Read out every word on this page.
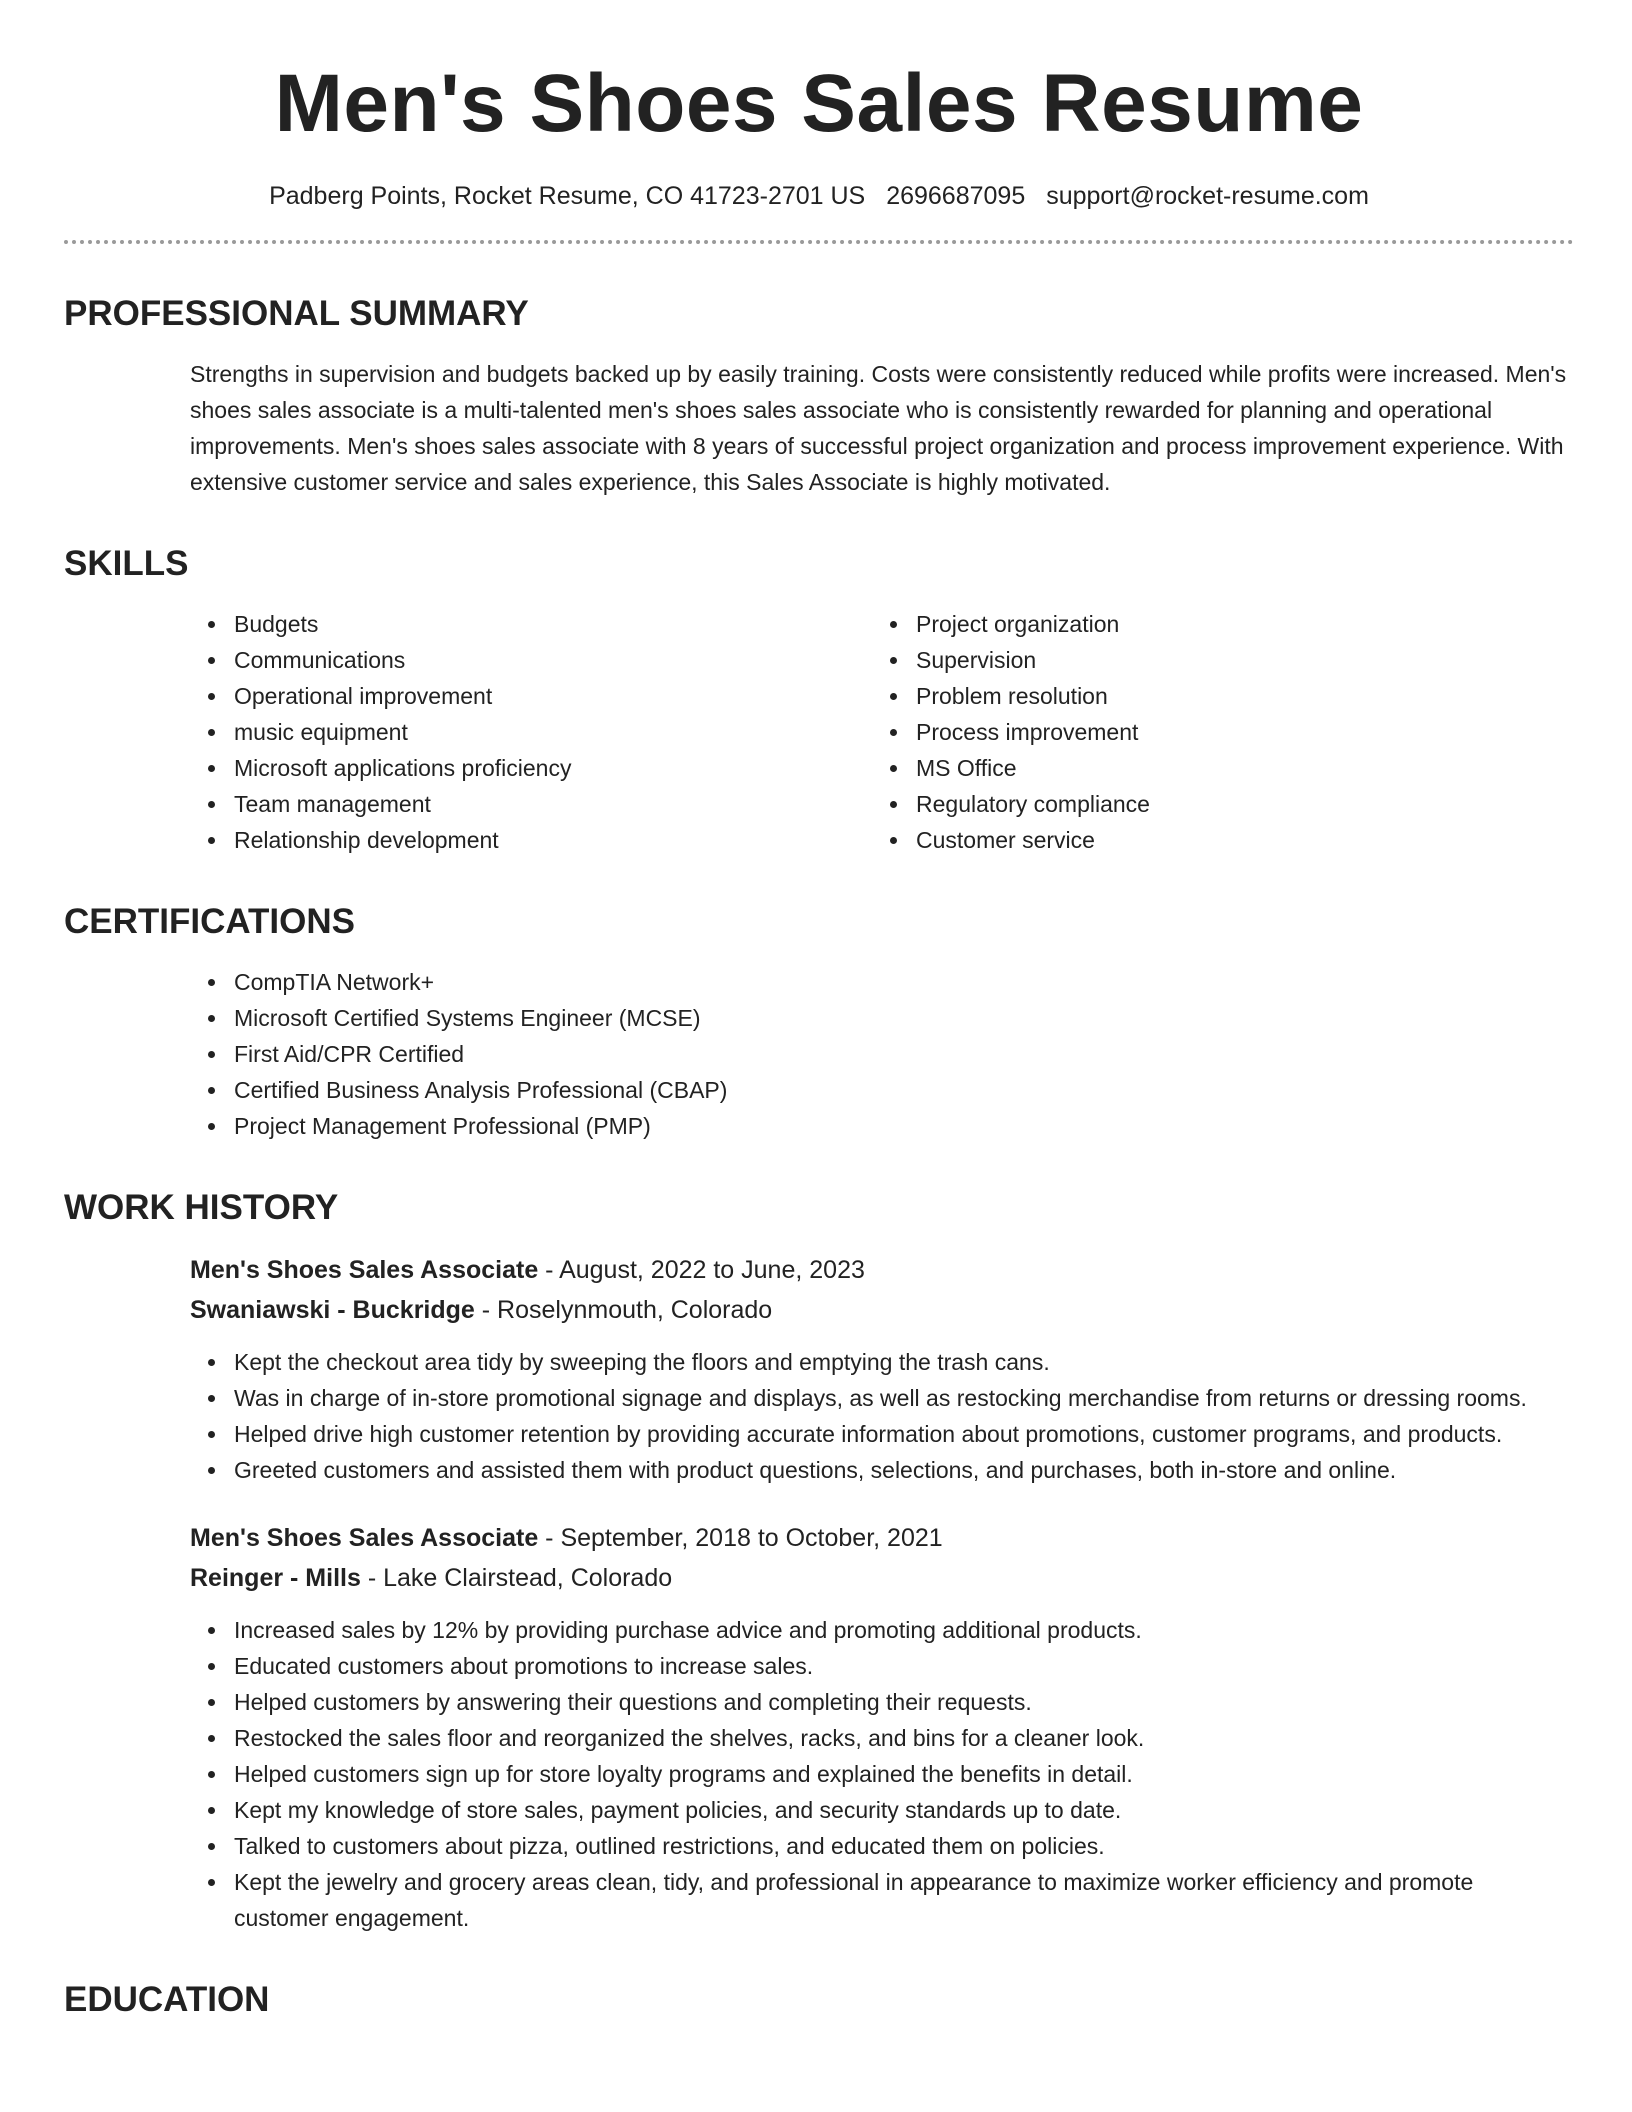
Men's Shoes Sales Resume
Padberg Points, Rocket Resume, CO 41723-2701 US 2696687095 support@rocket-resume.com
PROFESSIONAL SUMMARY

Strengths in supervision and budgets backed up by easily training. Costs were consistently reduced while profits were increased. Men's shoes sales associate is a multi-talented men's shoes sales associate who is consistently rewarded for planning and operational improvements. Men's shoes sales associate with 8 years of successful project organization and process improvement experience. With extensive customer service and sales experience, this Sales Associate is highly motivated.

SKILLS
Budgets
Communications
Operational improvement
music equipment
Microsoft applications proficiency
Team management
Relationship development
Project organization
Supervision
Problem resolution
Process improvement
MS Office
Regulatory compliance
Customer service
CERTIFICATIONS
CompTIA Network+
Microsoft Certified Systems Engineer (MCSE)
First Aid/CPR Certified
Certified Business Analysis Professional (CBAP)
Project Management Professional (PMP)
WORK HISTORY
Men's Shoes Sales Associate - August, 2022 to June, 2023
Swaniawski - Buckridge - Roselynmouth, Colorado
Kept the checkout area tidy by sweeping the floors and emptying the trash cans.
Was in charge of in-store promotional signage and displays, as well as restocking merchandise from returns or dressing rooms.
Helped drive high customer retention by providing accurate information about promotions, customer programs, and products.
Greeted customers and assisted them with product questions, selections, and purchases, both in-store and online.
Men's Shoes Sales Associate - September, 2018 to October, 2021
Reinger - Mills - Lake Clairstead, Colorado
Increased sales by 12% by providing purchase advice and promoting additional products.
Educated customers about promotions to increase sales.
Helped customers by answering their questions and completing their requests.
Restocked the sales floor and reorganized the shelves, racks, and bins for a cleaner look.
Helped customers sign up for store loyalty programs and explained the benefits in detail.
Kept my knowledge of store sales, payment policies, and security standards up to date.
Talked to customers about pizza, outlined restrictions, and educated them on policies.
Kept the jewelry and grocery areas clean, tidy, and professional in appearance to maximize worker efficiency and promote customer engagement.
EDUCATION
